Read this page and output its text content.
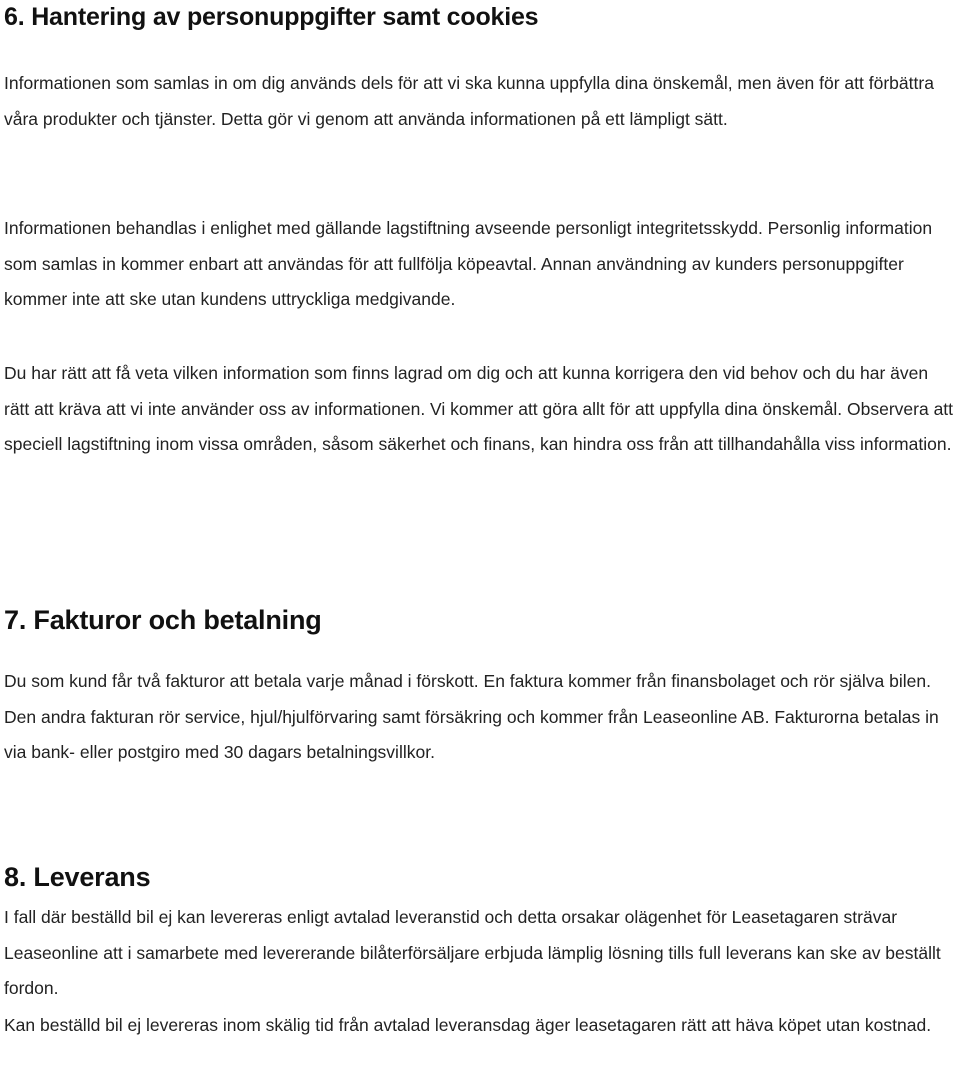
6. Hantering av personuppgifter samt cookies

Informationen som samlas in om dig används dels för att vi ska kunna uppfylla dina önskemål, men även för att förbättra våra produkter och tjänster. Detta gör vi genom att använda informationen på ett lämpligt sätt.

Informationen behandlas i enlighet med gällande lagstiftning avseende personligt integritetsskydd. Personlig information som samlas in kommer enbart att användas för att fullfölja köpeavtal. Annan användning av kunders personuppgifter kommer inte att ske utan kundens uttryckliga medgivande.

Du har rätt att få veta vilken information som finns lagrad om dig och att kunna korrigera den vid behov och du har även rätt att kräva att vi inte använder oss av informationen. Vi kommer att göra allt för att uppfylla dina önskemål. Observera att speciell lagstiftning inom vissa områden, såsom säkerhet och finans, kan hindra oss från att tillhandahålla viss information.

7. Fakturor och betalning

Du som kund får två fakturor att betala varje månad i förskott. En faktura kommer från finansbolaget och rör själva bilen. Den andra fakturan rör service, hjul/hjulförvaring samt försäkring och kommer från Leaseonline AB. Fakturorna betalas in via bank- eller postgiro med 30 dagars betalningsvillkor.

8. Leverans

I fall där beställd bil ej kan levereras enligt avtalad leveranstid och detta orsakar olägenhet för Leasetagaren strävar Leaseonline att i samarbete med levererande bilåterförsäljare erbjuda lämplig lösning tills full leverans kan ske av beställt fordon.

Kan beställd bil ej levereras inom skälig tid från avtalad leveransdag äger leasetagaren rätt att häva köpet utan kostnad.
